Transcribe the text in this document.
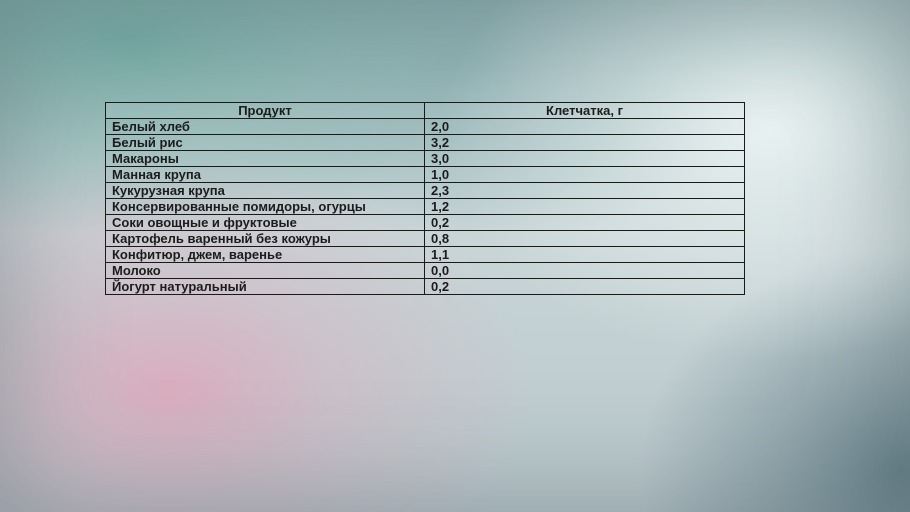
Продукт	Клетчатка, г
Белый хлеб	2,0
Белый рис	3,2
Макароны	3,0
Манная крупа	1,0
Кукурузная крупа	2,3
Консервированные помидоры, огурцы	1,2
Соки овощные и фруктовые	0,2
Картофель варенный без кожуры	0,8
Конфитюр, джем, варенье	1,1
Молоко	0,0
Йогурт натуральный	0,2
